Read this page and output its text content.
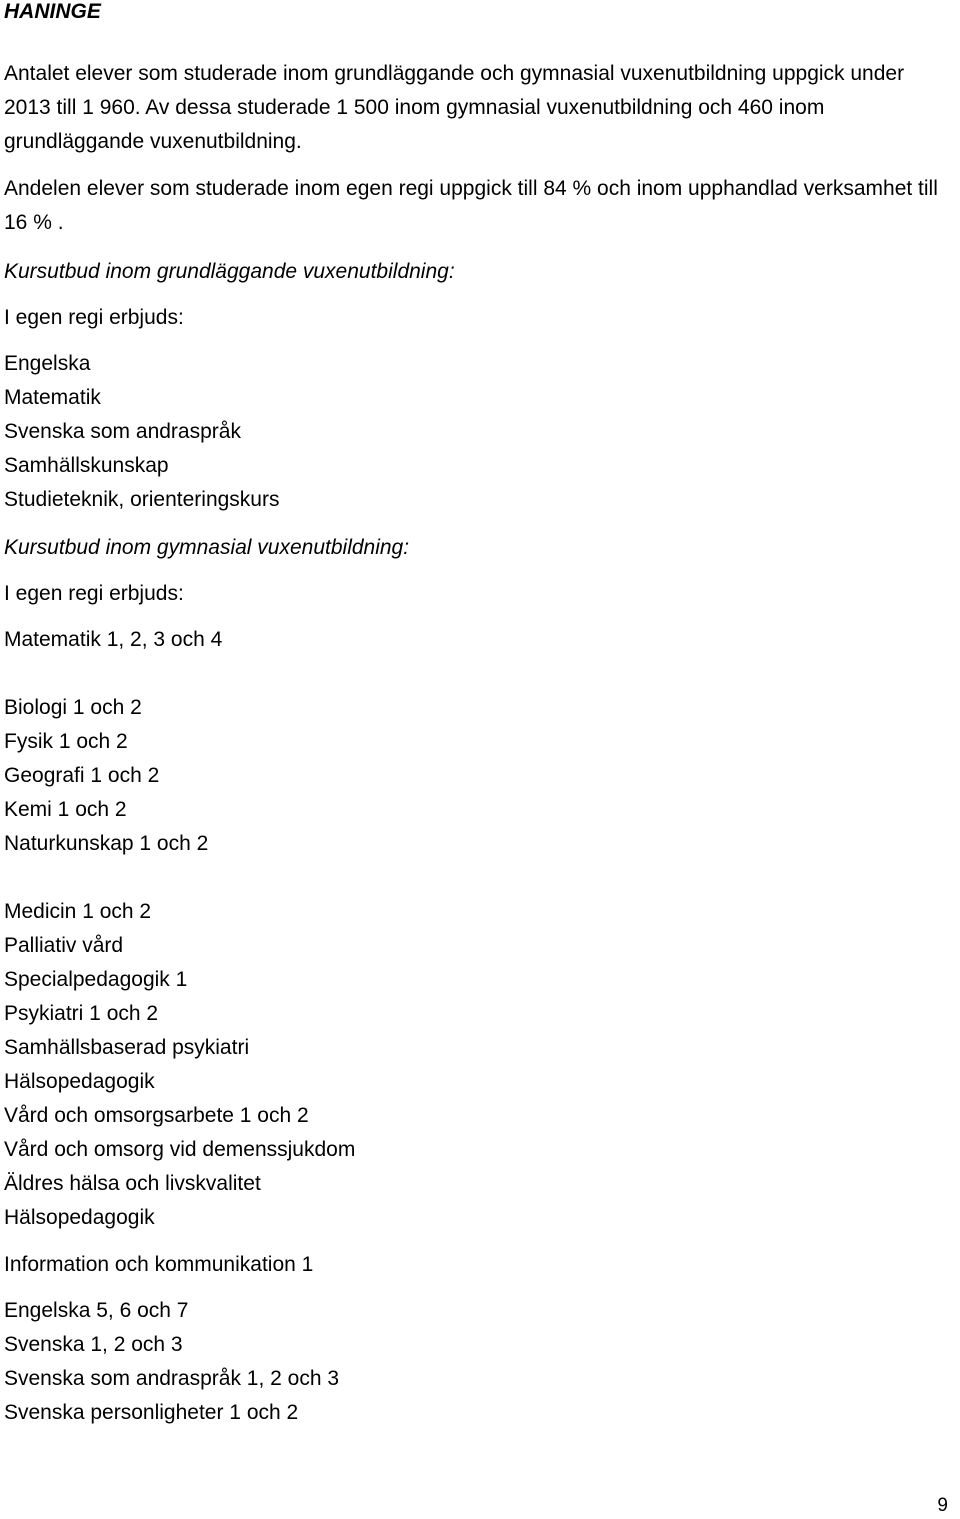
HANINGE

Antalet elever som studerade inom grundläggande och gymnasial vuxenutbildning uppgick under 2013 till 1 960. Av dessa studerade 1 500 inom gymnasial vuxenutbildning och 460 inom grundläggande vuxenutbildning.

Andelen elever som studerade inom egen regi uppgick till 84 % och inom upphandlad verksamhet till 16 % .

Kursutbud inom grundläggande vuxenutbildning:

I egen regi erbjuds:

Engelska
Matematik
Svenska som andraspråk
Samhällskunskap
Studieteknik, orienteringskurs

Kursutbud inom gymnasial vuxenutbildning:

I egen regi erbjuds:

Matematik 1, 2, 3 och 4
Biologi 1 och 2
Fysik 1 och 2
Geografi 1 och 2
Kemi 1 och 2
Naturkunskap 1 och 2
Medicin 1 och 2
Palliativ vård
Specialpedagogik 1
Psykiatri 1 och 2
Samhällsbaserad psykiatri
Hälsopedagogik
Vård och omsorgsarbete 1 och 2
Vård och omsorg vid demenssjukdom
Äldres hälsa och livskvalitet
Hälsopedagogik
Information och kommunikation 1
Engelska 5, 6 och 7
Svenska 1, 2 och 3
Svenska som andraspråk 1, 2 och 3
Svenska personligheter 1 och 2
9
